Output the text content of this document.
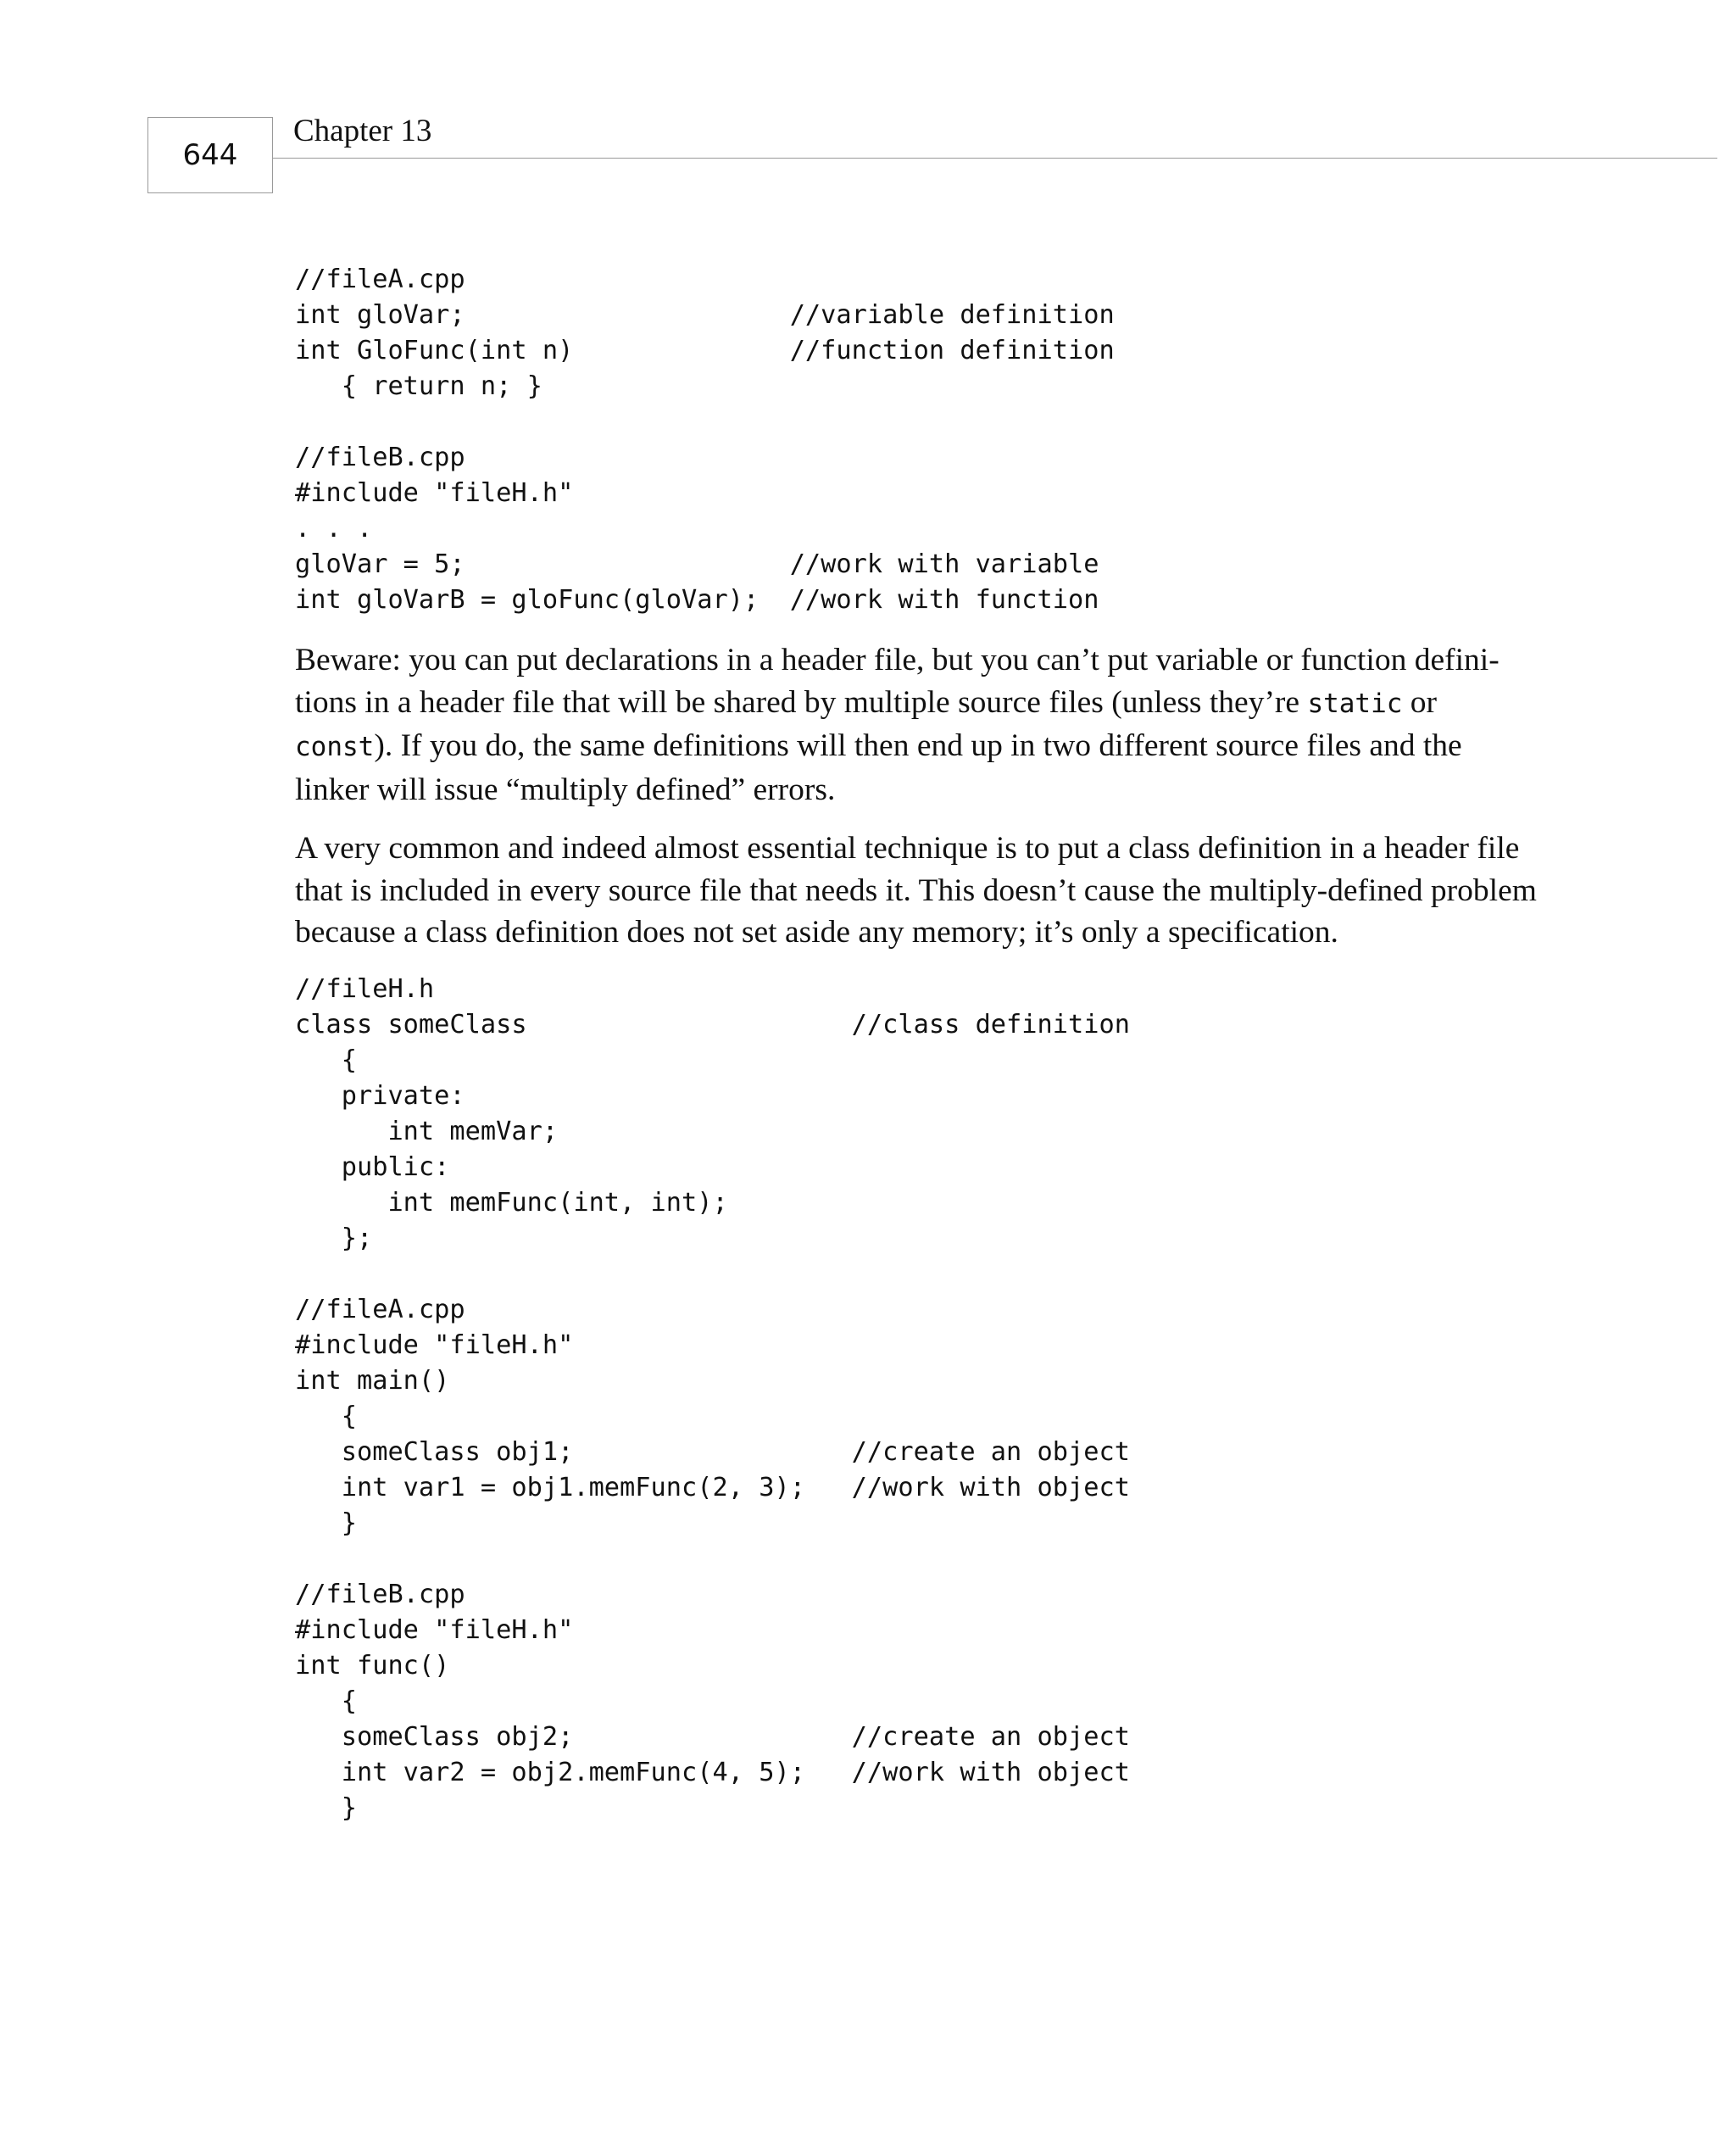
644
Chapter 13
//fileA.cpp
int gloVar;                     //variable definition
int GloFunc(int n)              //function definition
{ return n; }
//fileB.cpp
#include "fileH.h"
. . .
gloVar = 5;                     //work with variable
int gloVarB = gloFunc(gloVar);  //work with function

Beware: you can put declarations in a header file, but you can’t put variable or function definitions in a header file that will be shared by multiple source files (unless they’re static or const). If you do, the same definitions will then end up in two different source files and the linker will issue “multiply defined” errors.

A very common and indeed almost essential technique is to put a class definition in a header file that is included in every source file that needs it. This doesn’t cause the multiply-defined problem because a class definition does not set aside any memory; it’s only a specification.

//fileH.h
class someClass                     //class definition
{
private:
int memVar;
public:
int memFunc(int, int);
};
//fileA.cpp
#include "fileH.h"
int main()
{
someClass obj1;                  //create an object
int var1 = obj1.memFunc(2, 3);   //work with object
}
//fileB.cpp
#include "fileH.h"
int func()
{
someClass obj2;                  //create an object
int var2 = obj2.memFunc(4, 5);   //work with object
}
